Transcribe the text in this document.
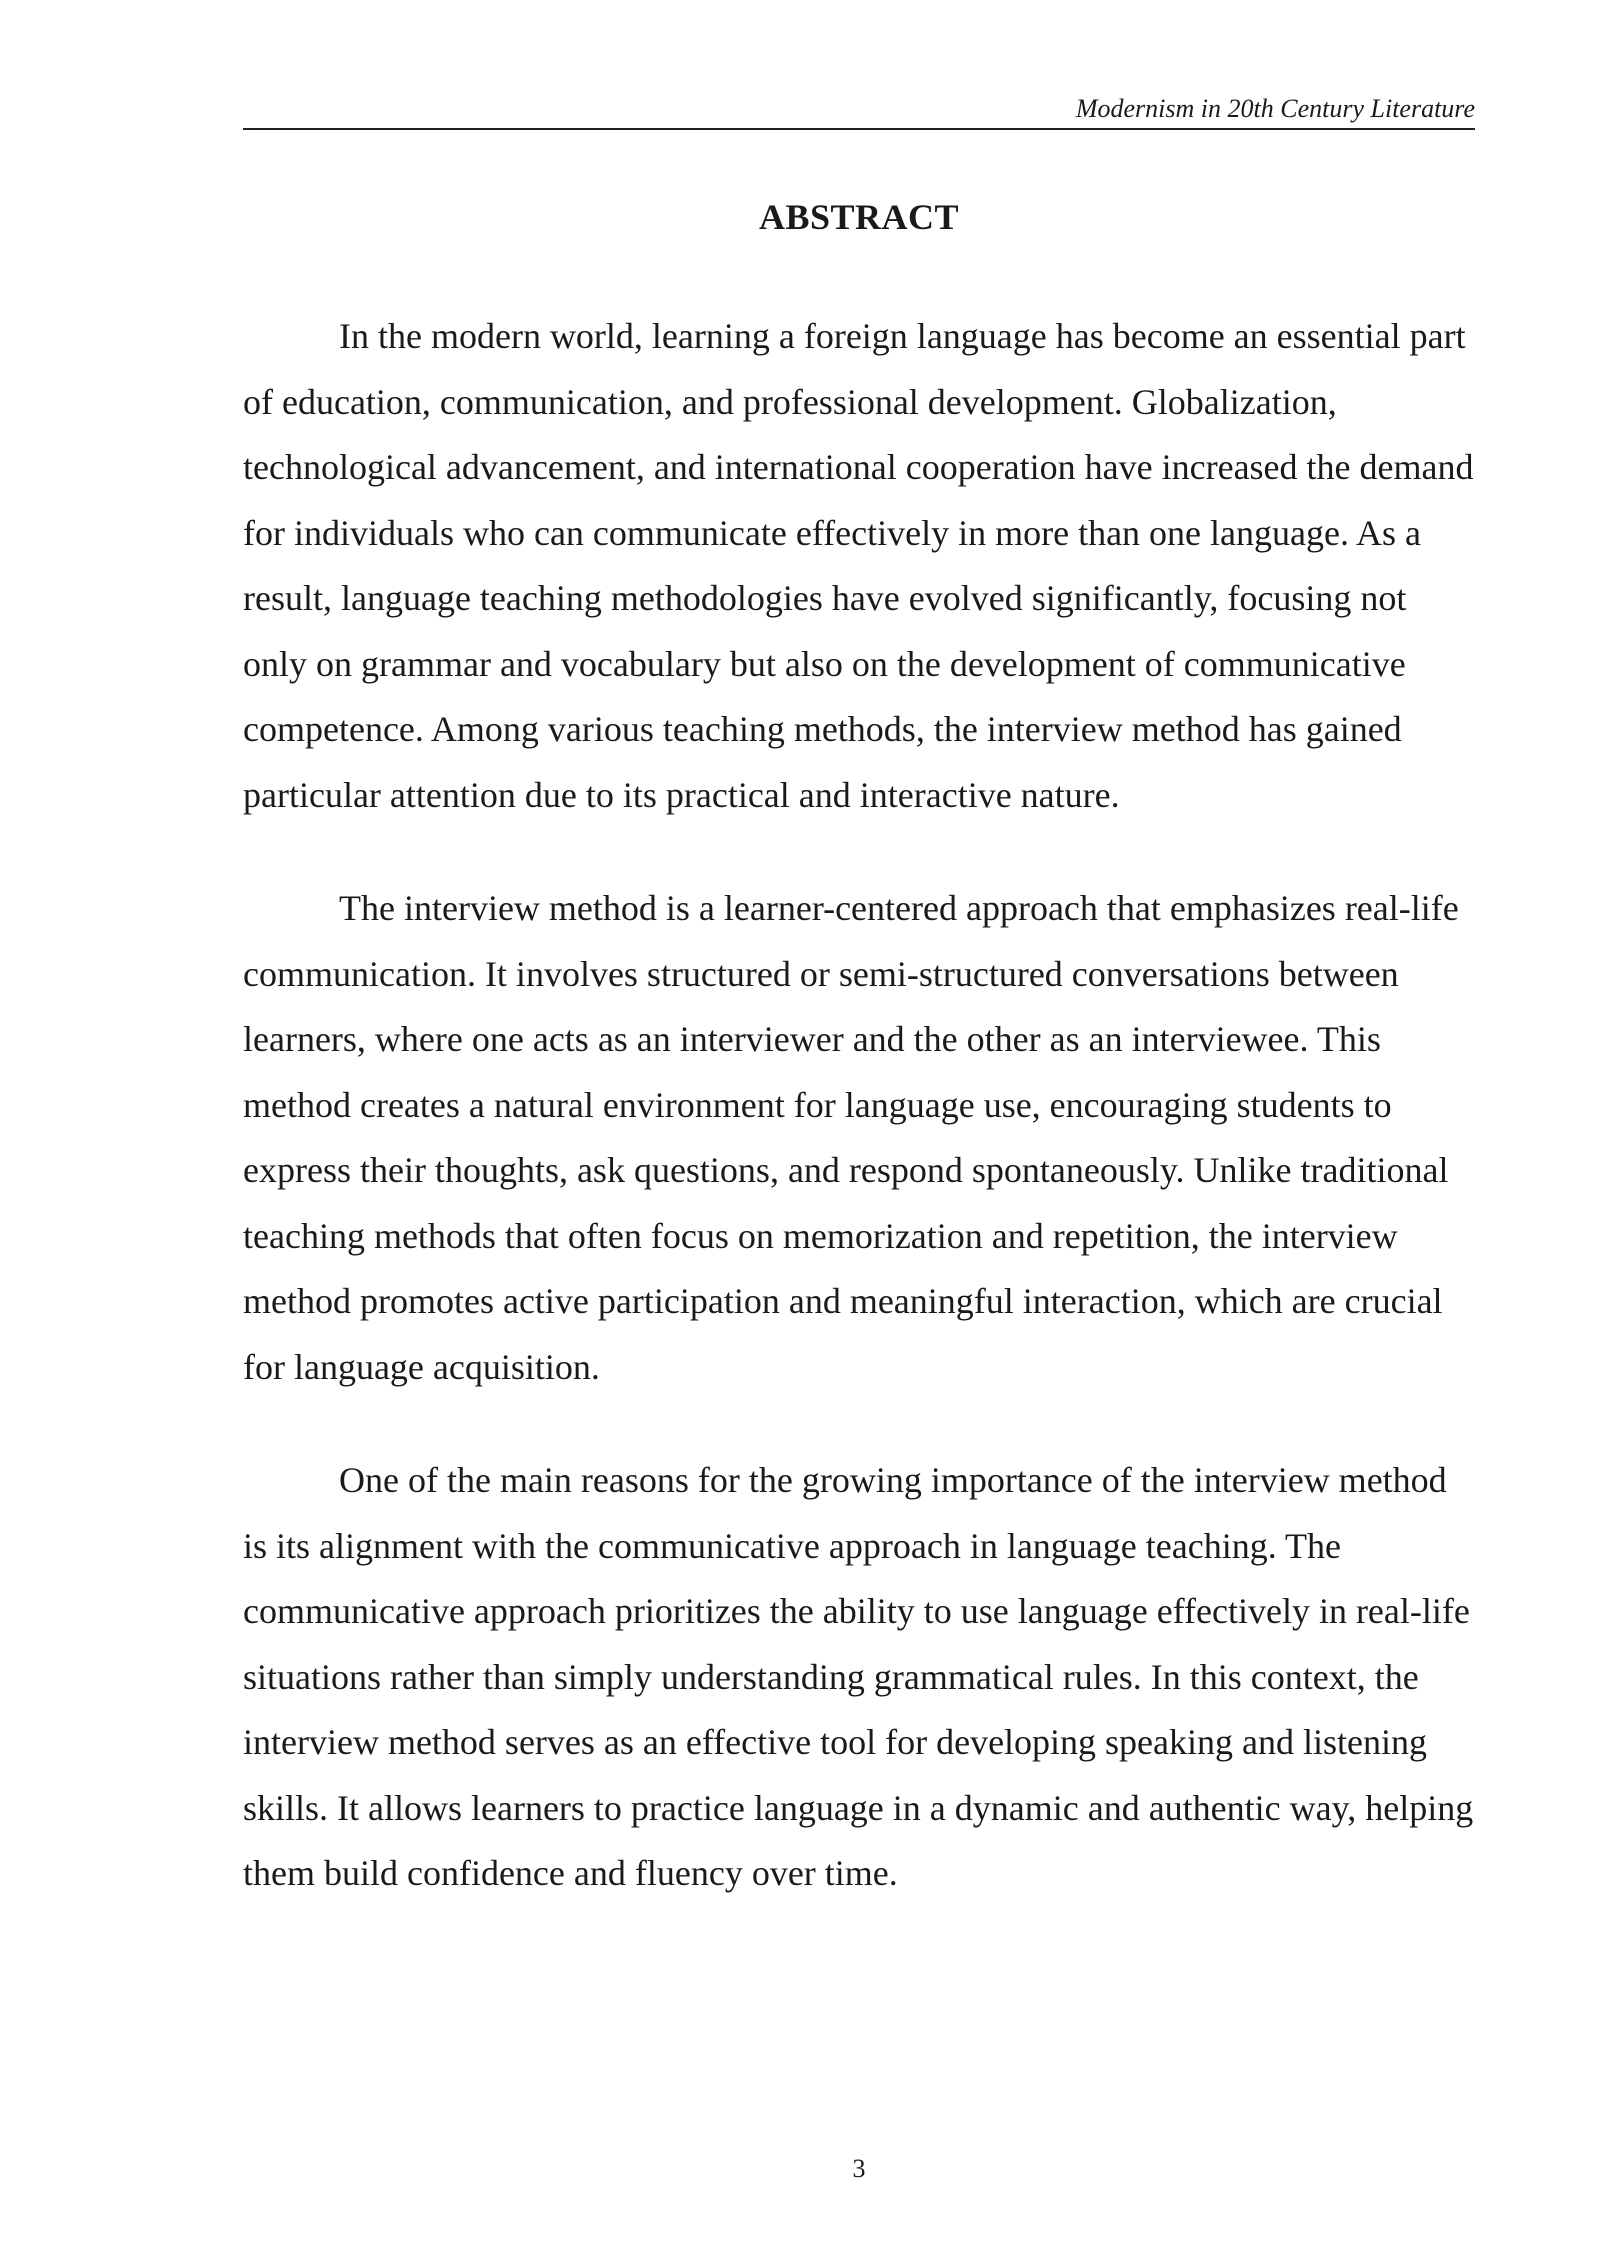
Modernism in 20th Century Literature
ABSTRACT

In the modern world, learning a foreign language has become an essential part of education, communication, and professional development. Globalization, technological advancement, and international cooperation have increased the demand for individuals who can communicate effectively in more than one language. As a result, language teaching methodologies have evolved significantly, focusing not only on grammar and vocabulary but also on the development of communicative competence. Among various teaching methods, the interview method has gained particular attention due to its practical and interactive nature.

The interview method is a learner-centered approach that emphasizes real-life communication. It involves structured or semi-structured conversations between learners, where one acts as an interviewer and the other as an interviewee. This method creates a natural environment for language use, encouraging students to express their thoughts, ask questions, and respond spontaneously. Unlike traditional teaching methods that often focus on memorization and repetition, the interview method promotes active participation and meaningful interaction, which are crucial for language acquisition.

One of the main reasons for the growing importance of the interview method is its alignment with the communicative approach in language teaching. The communicative approach prioritizes the ability to use language effectively in real-life situations rather than simply understanding grammatical rules. In this context, the interview method serves as an effective tool for developing speaking and listening skills. It allows learners to practice language in a dynamic and authentic way, helping them build confidence and fluency over time.

3
